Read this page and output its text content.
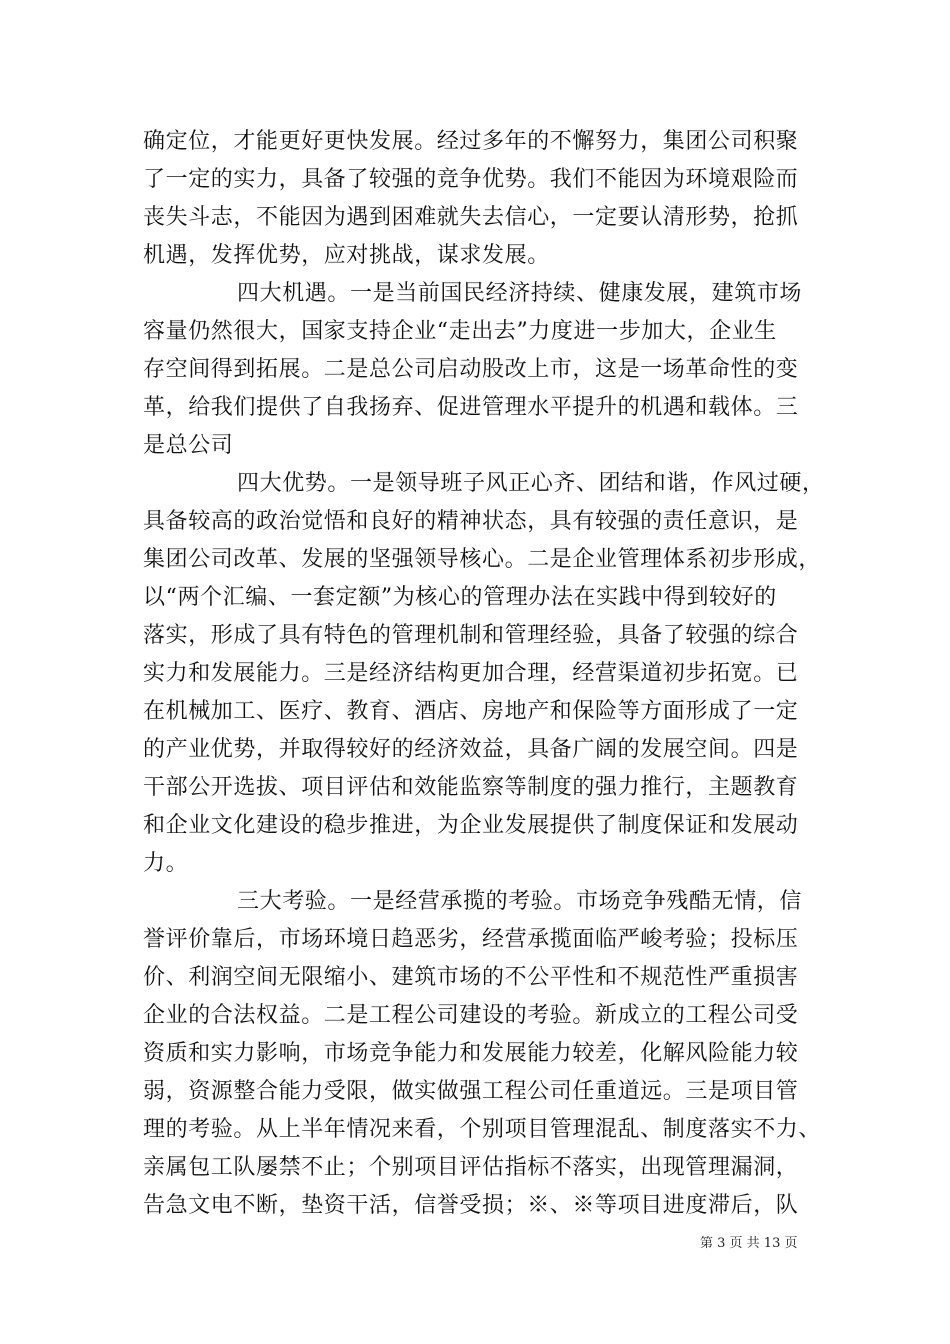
确定位，才能更好更快发展。经过多年的不懈努力，集团公司积聚
了一定的实力，具备了较强的竞争优势。我们不能因为环境艰险而
丧失斗志，不能因为遇到困难就失去信心，一定要认清形势，抢抓
机遇，发挥优势，应对挑战，谋求发展。
四大机遇。一是当前国民经济持续、健康发展，建筑市场
容量仍然很大，国家支持企业“走出去”力度进一步加大，企业生
存空间得到拓展。二是总公司启动股改上市，这是一场革命性的变
革，给我们提供了自我扬弃、促进管理水平提升的机遇和载体。三
是总公司
四大优势。一是领导班子风正心齐、团结和谐，作风过硬，
具备较高的政治觉悟和良好的精神状态，具有较强的责任意识，是
集团公司改革、发展的坚强领导核心。二是企业管理体系初步形成，
以“两个汇编、一套定额”为核心的管理办法在实践中得到较好的
落实，形成了具有特色的管理机制和管理经验，具备了较强的综合
实力和发展能力。三是经济结构更加合理，经营渠道初步拓宽。已
在机械加工、医疗、教育、酒店、房地产和保险等方面形成了一定
的产业优势，并取得较好的经济效益，具备广阔的发展空间。四是
干部公开选拔、项目评估和效能监察等制度的强力推行，主题教育
和企业文化建设的稳步推进，为企业发展提供了制度保证和发展动
力。
三大考验。一是经营承揽的考验。市场竞争残酷无情，信
誉评价靠后，市场环境日趋恶劣，经营承揽面临严峻考验；投标压
价、利润空间无限缩小、建筑市场的不公平性和不规范性严重损害
企业的合法权益。二是工程公司建设的考验。新成立的工程公司受
资质和实力影响，市场竞争能力和发展能力较差，化解风险能力较
弱，资源整合能力受限，做实做强工程公司任重道远。三是项目管
理的考验。从上半年情况来看，个别项目管理混乱、制度落实不力、
亲属包工队屡禁不止；个别项目评估指标不落实，出现管理漏洞，
告急文电不断，垫资干活，信誉受损；※、※等项目进度滞后，队
第 3 页 共 13 页
